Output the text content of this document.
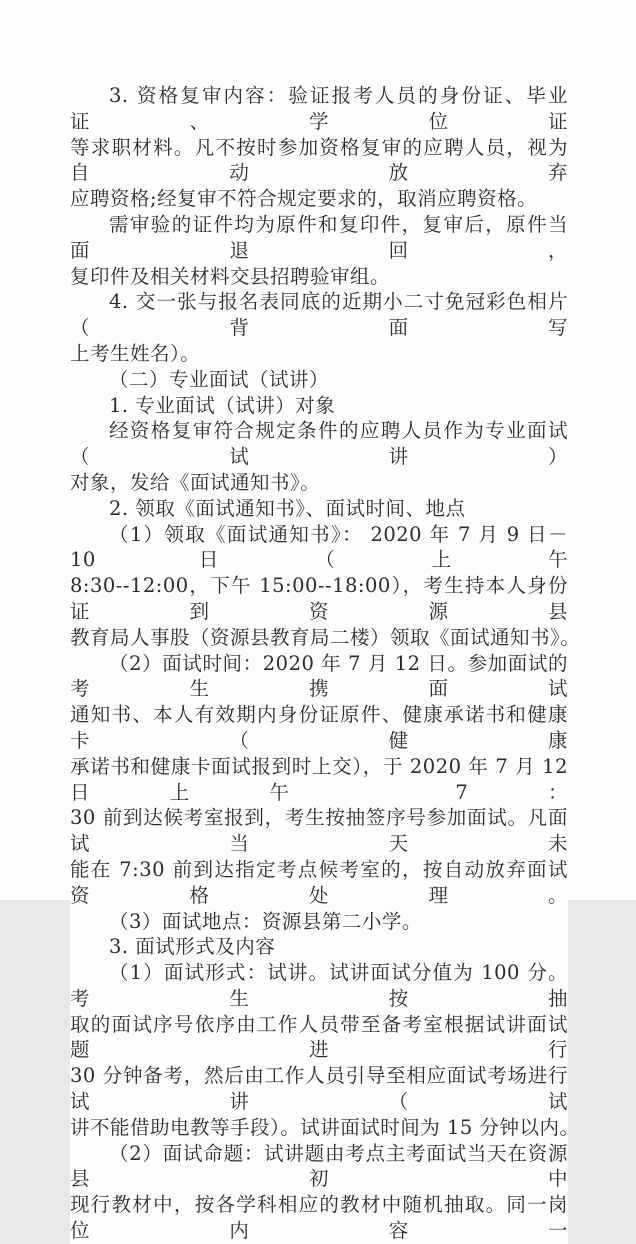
3. 资格复审内容：验证报考人员的身份证、毕业证、学位证
等求职材料。凡不按时参加资格复审的应聘人员，视为自动放弃
应聘资格;经复审不符合规定要求的，取消应聘资格。
需审验的证件均为原件和复印件，复审后，原件当面退回，
复印件及相关材料交县招聘验审组。
4. 交一张与报名表同底的近期小二寸免冠彩色相片（背面写
上考生姓名）。
（二）专业面试（试讲）
1. 专业面试（试讲）对象
经资格复审符合规定条件的应聘人员作为专业面试（试讲）
对象，发给《面试通知书》。
2. 领取《面试通知书》、面试时间、地点
（1）领取《面试通知书》： 2020 年 7 月 9 日－10 日（上午
8:30--12:00，下午 15:00--18:00），考生持本人身份证到资源县
教育局人事股（资源县教育局二楼）领取《面试通知书》。
（2）面试时间：2020 年 7 月 12 日。参加面试的考生携面试
通知书、本人有效期内身份证原件、健康承诺书和健康卡（健康
承诺书和健康卡面试报到时上交），于 2020 年 7 月 12 日上午 7：
30 前到达候考室报到，考生按抽签序号参加面试。凡面试当天未
能在 7:30 前到达指定考点候考室的，按自动放弃面试资格处理。
（3）面试地点：资源县第二小学。
3. 面试形式及内容
（1）面试形式：试讲。试讲面试分值为 100 分。考生按抽
取的面试序号依序由工作人员带至备考室根据试讲面试题进行
30 分钟备考，然后由工作人员引导至相应面试考场进行试讲（试
讲不能借助电教等手段）。试讲面试时间为 15 分钟以内。
（2）面试命题：试讲题由考点主考面试当天在资源县初中
现行教材中，按各学科相应的教材中随机抽取。同一岗位内容一
